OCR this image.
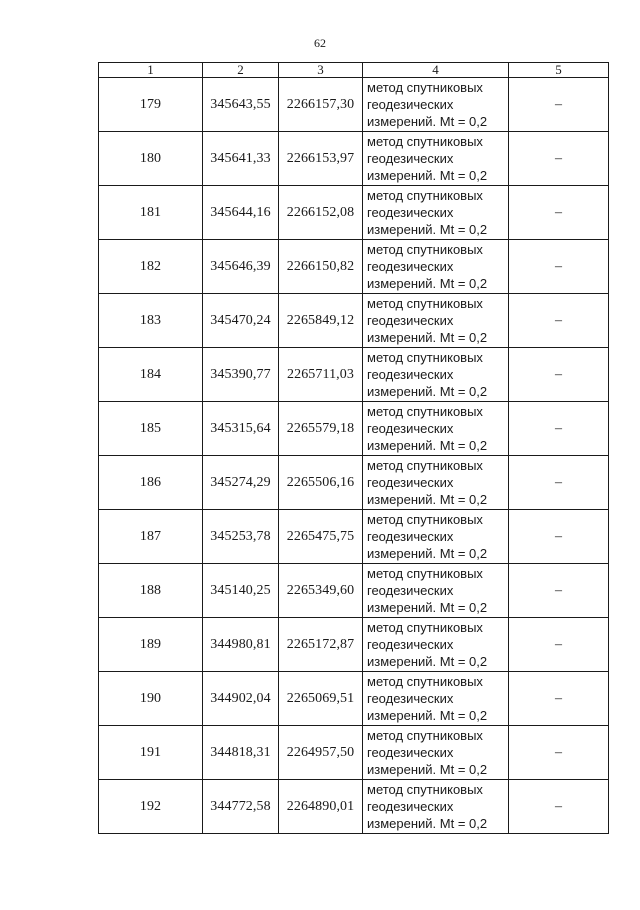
62
1	2	3	4	5
179	345643,55	2266157,30	метод спутниковых
геодезических
измерений. Mt = 0,2	–
180	345641,33	2266153,97	метод спутниковых
геодезических
измерений. Mt = 0,2	–
181	345644,16	2266152,08	метод спутниковых
геодезических
измерений. Mt = 0,2	–
182	345646,39	2266150,82	метод спутниковых
геодезических
измерений. Mt = 0,2	–
183	345470,24	2265849,12	метод спутниковых
геодезических
измерений. Mt = 0,2	–
184	345390,77	2265711,03	метод спутниковых
геодезических
измерений. Mt = 0,2	–
185	345315,64	2265579,18	метод спутниковых
геодезических
измерений. Mt = 0,2	–
186	345274,29	2265506,16	метод спутниковых
геодезических
измерений. Mt = 0,2	–
187	345253,78	2265475,75	метод спутниковых
геодезических
измерений. Mt = 0,2	–
188	345140,25	2265349,60	метод спутниковых
геодезических
измерений. Mt = 0,2	–
189	344980,81	2265172,87	метод спутниковых
геодезических
измерений. Mt = 0,2	–
190	344902,04	2265069,51	метод спутниковых
геодезических
измерений. Mt = 0,2	–
191	344818,31	2264957,50	метод спутниковых
геодезических
измерений. Mt = 0,2	–
192	344772,58	2264890,01	метод спутниковых
геодезических
измерений. Mt = 0,2	–
